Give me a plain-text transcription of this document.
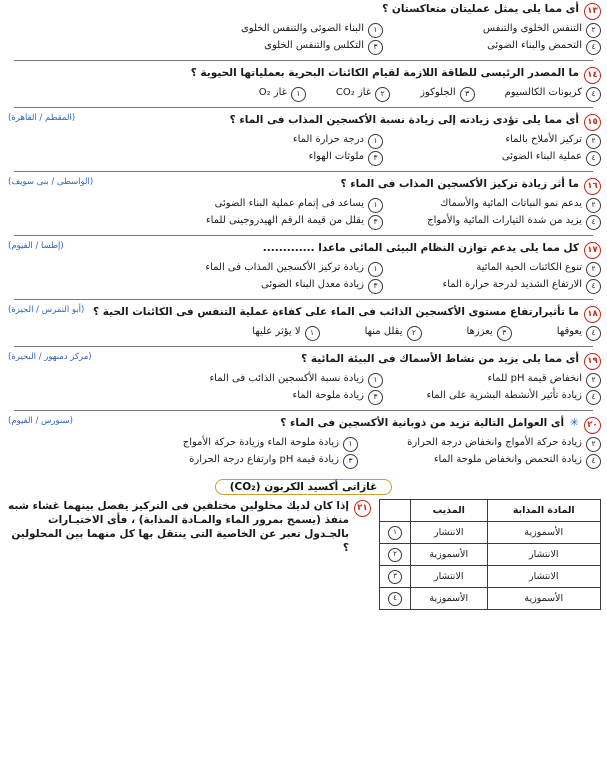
١٣
أى مما يلى يمثل عمليتان متعاكستان ؟
٢
التنفس الخلوى والتنفس
١
البناء الضوئى والتنفس الخلوى
٤
التحمض والبناء الضوئى
٣
التكلس والتنفس الخلوى
١٤
ما المصدر الرئيسى للطاقة اللازمة لقيام الكائنات البحرية بعملياتها الحيوية ؟
٤
كربونات الكالسيوم
٣
الجلوكوز
٢
غاز CO₂
١
غاز O₂
١٥
أى مما يلى تؤدى زيادته إلى زيادة نسبة الأكسجين المذاب فى الماء ؟
٢
تركيز الأملاح بالماء
١
درجة حرارة الماء
٤
عملية البناء الضوئى
٣
ملوثات الهواء
(المقطم / القاهرة)
١٦
ما أثر زيادة تركيز الأكسجين المذاب فى الماء ؟
٢
يدعم نمو النباتات المائية والأسماك
١
يساعد فى إتمام عملية البناء الضوئى
٤
يزيد من شدة التيارات المائية والأمواج
٣
يقلل من قيمة الرقم الهيدروجينى للماء
(الواسطى / بنى سويف)
١٧
كل مما يلى يدعم توازن النظام البيئى المائى ماعدا .............
٢
تنوع الكائنات الحية المائية
١
زيادة تركيز الأكسجين المذاب فى الماء
٤
الارتفاع الشديد لدرجة حرارة الماء
٣
زيادة معدل البناء الضوئى
(إطسا / الفيوم)
١٨
ما تأثيرارتفاع مستوى الأكسجين الذائب فى الماء على كفاءة عملية التنفس فى الكائنات الحية ؟
٤
يعوقها
٣
يعززها
٢
يقلل منها
١
لا يؤثر عليها
(أبو النمرس / الجيزة)
١٩
أى مما يلى يزيد من نشاط الأسماك فى البيئة المائية ؟
٢
انخفاض قيمة pH للماء
١
زيادة نسبة الأكسجين الذائب فى الماء
٤
زيادة تأثير الأنشطة البشرية على الماء
٣
زيادة ملوحة الماء
(مركز دمنهور / البحيرة)
٢٠
✳ أى العوامل التالية تزيد من ذوبانية الأكسجين فى الماء ؟
٢
زيادة حركة الأمواج وانخفاض درجة الحرارة
١
زيادة ملوحة الماء وزيادة حركة الأمواج
٤
زيادة التحمض وانخفاض ملوحة الماء
٣
زيادة قيمة pH وارتفاع درجة الحرارة
(سنورس / الفيوم)
غازاتى أكسيد الكربون (CO₂)
المادة المذابة	المذيب	
الأسموزية	الانتشار	١
الانتشار	الأسموزية	٢
الانتشار	الانتشار	٣
الأسموزية	الأسموزية	٤
٢١
إذا كان لديك محلولين مختلفين فى التركيز يفصل بينهما غشاء شبه منفذ (يسمح بمرور الماء والمـادة المذابة) ، فأى الاختيـارات بالجـدول تعبر عن الخاصية التى ينتقل بها كل منهما بين المحلولين ؟
